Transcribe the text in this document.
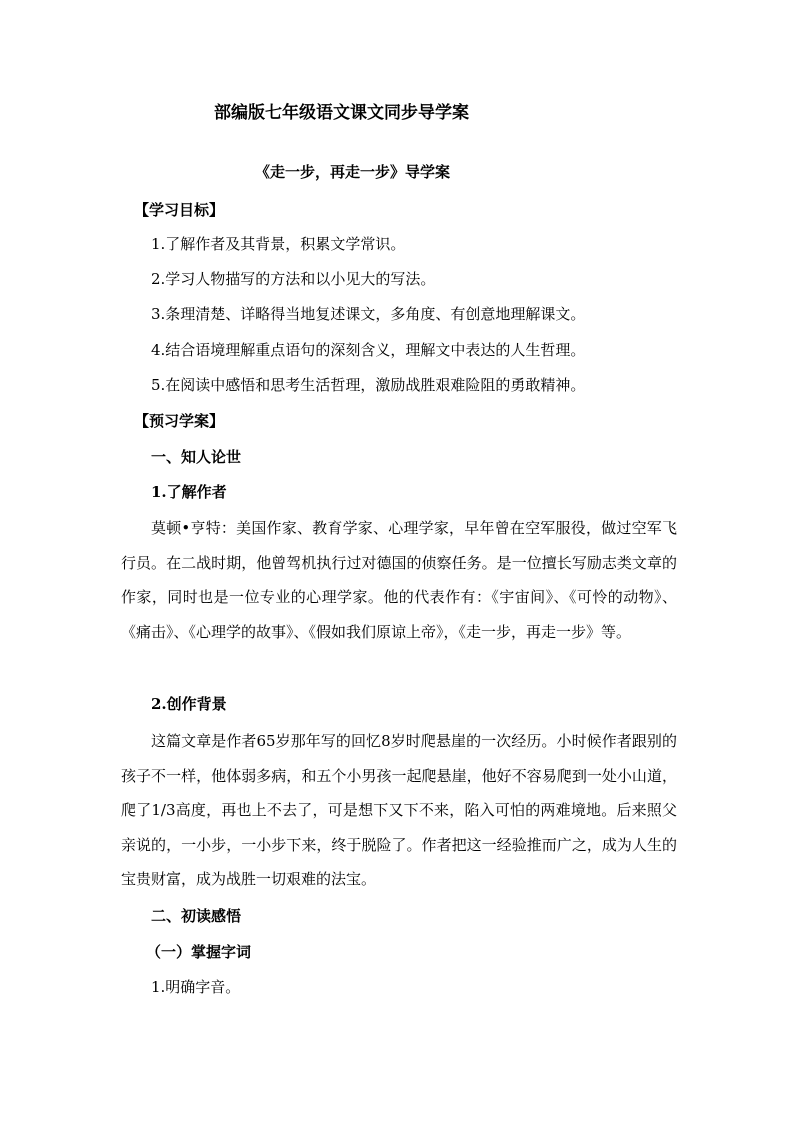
部编版七年级语文课文同步导学案
《走一步，再走一步》导学案
【学习目标】
1.了解作者及其背景，积累文学常识。
2.学习人物描写的方法和以小见大的写法。
3.条理清楚、详略得当地复述课文，多角度、有创意地理解课文。
4.结合语境理解重点语句的深刻含义，理解文中表达的人生哲理。
5.在阅读中感悟和思考生活哲理，激励战胜艰难险阻的勇敢精神。
【预习学案】
一、知人论世
1.了解作者
莫顿•亨特：美国作家、教育学家、心理学家，早年曾在空军服役，做过空军飞行员。在二战时期，他曾驾机执行过对德国的侦察任务。是一位擅长写励志类文章的作家，同时也是一位专业的心理学家。他的代表作有：《宇宙间》、《可怜的动物》、《痛击》、《心理学的故事》、《假如我们原谅上帝》，《走一步，再走一步》等。
2.创作背景
这篇文章是作者65岁那年写的回忆8岁时爬悬崖的一次经历。小时候作者跟别的孩子不一样，他体弱多病，和五个小男孩一起爬悬崖，他好不容易爬到一处小山道，爬了1/3高度，再也上不去了，可是想下又下不来，陷入可怕的两难境地。后来照父亲说的，一小步，一小步下来，终于脱险了。作者把这一经验推而广之，成为人生的宝贵财富，成为战胜一切艰难的法宝。
二、初读感悟
（一）掌握字词
1.明确字音。
